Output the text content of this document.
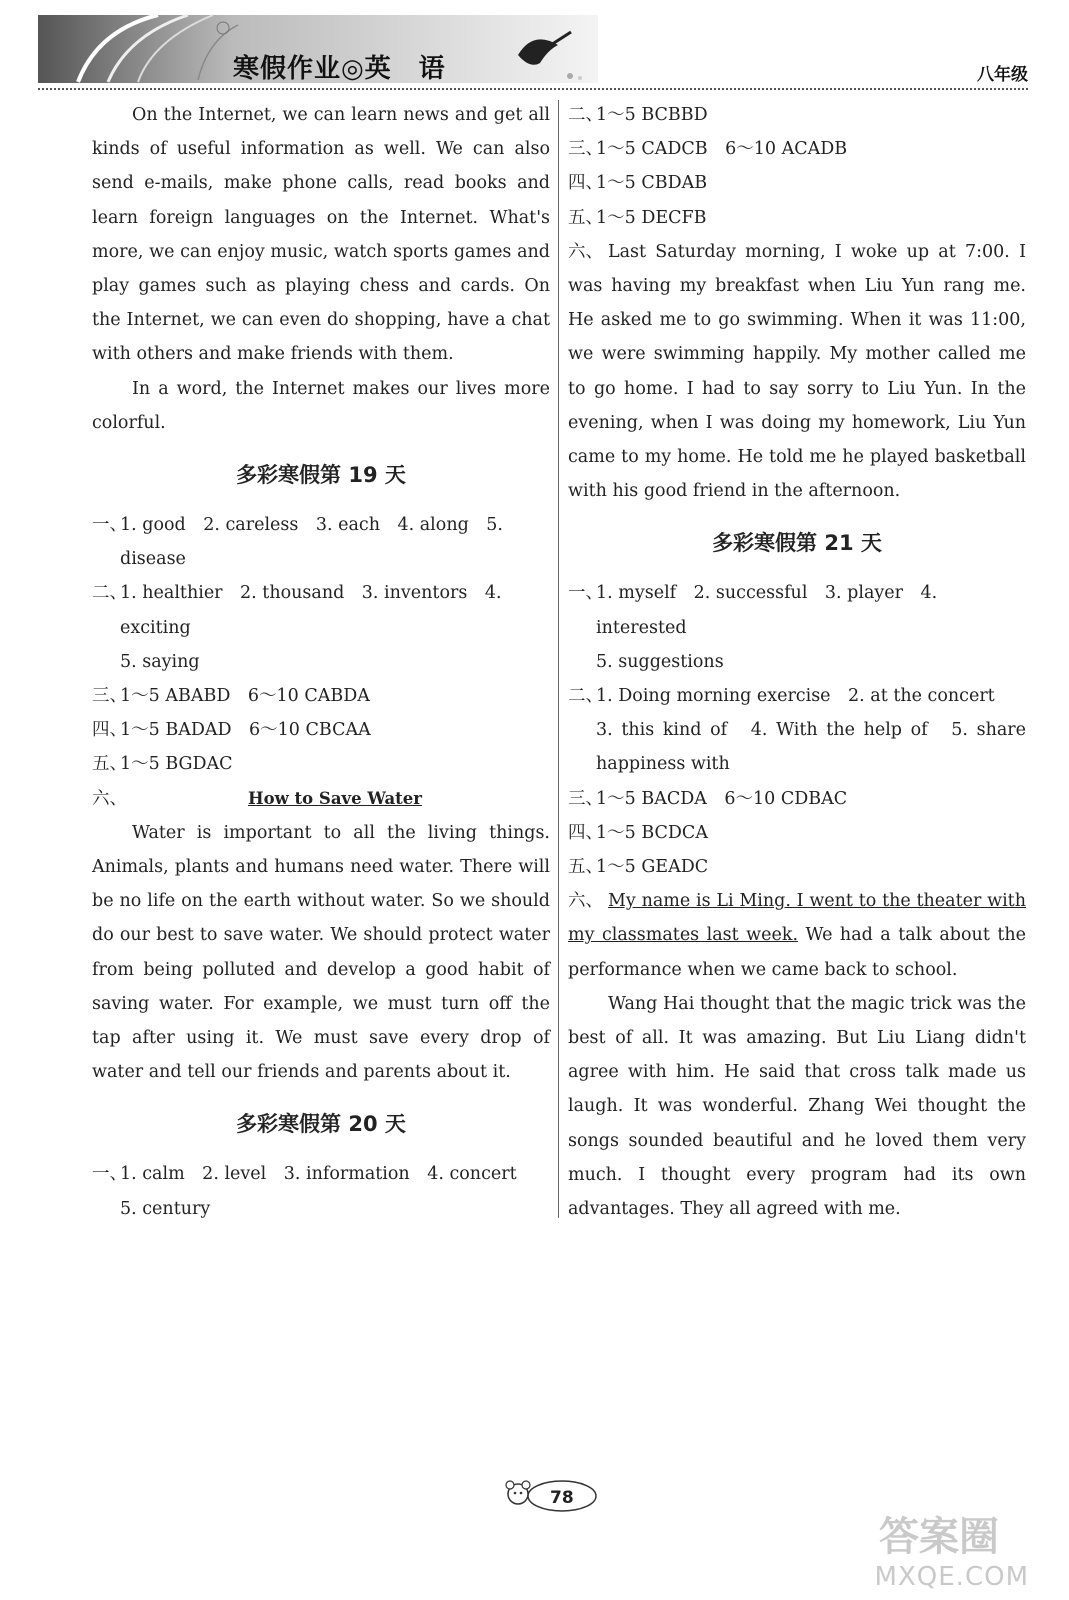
寒假作业◎英　语	八年级
On the Internet, we can learn news and get all kinds of useful information as well. We can also send e-mails, make phone calls, read books and learn foreign languages on the Internet. What's more, we can enjoy music, watch sports games and play games such as playing chess and cards. On the Internet, we can even do shopping, have a chat with others and make friends with them.
In a word, the Internet makes our lives more colorful.
多彩寒假第 19 天
一、
1. good　2. careless　3. each　4. along　5. disease
二、
1. healthier　2. thousand　3. inventors　4. exciting
5. saying
三、
1～5 ABABD　6～10 CABDA
四、
1～5 BADAD　6～10 CBCAA
五、
1～5 BGDAC
六、	How to Save Water
Water is important to all the living things. Animals, plants and humans need water. There will be no life on the earth without water. So we should do our best to save water. We should protect water from being polluted and develop a good habit of saving water. For example, we must turn off the tap after using it. We must save every drop of water and tell our friends and parents about it.
多彩寒假第 20 天
一、
1. calm　2. level　3. information　4. concert
5. century
二、
1～5 BCBBD
三、
1～5 CADCB　6～10 ACADB
四、
1～5 CBDAB
五、
1～5 DECFB
六、 Last Saturday morning, I woke up at 7:00. I was having my breakfast when Liu Yun rang me. He asked me to go swimming. When it was 11:00, we were swimming happily. My mother called me to go home. I had to say sorry to Liu Yun. In the evening, when I was doing my homework, Liu Yun came to my home. He told me he played basketball with his good friend in the afternoon.
多彩寒假第 21 天
一、
1. myself　2. successful　3. player　4. interested
5. suggestions
二、
1. Doing morning exercise　2. at the concert
3. this kind of　4. With the help of　5. share happiness with
三、
1～5 BACDA　6～10 CDBAC
四、
1～5 BCDCA
五、
1～5 GEADC
六、 My name is Li Ming. I went to the theater with my classmates last week. We had a talk about the performance when we came back to school.
Wang Hai thought that the magic trick was the best of all. It was amazing. But Liu Liang didn't agree with him. He said that cross talk made us laugh. It was wonderful. Zhang Wei thought the songs sounded beautiful and he loved them very much. I thought every program had its own advantages. They all agreed with me.
78
答案圈
MXQE.COM
